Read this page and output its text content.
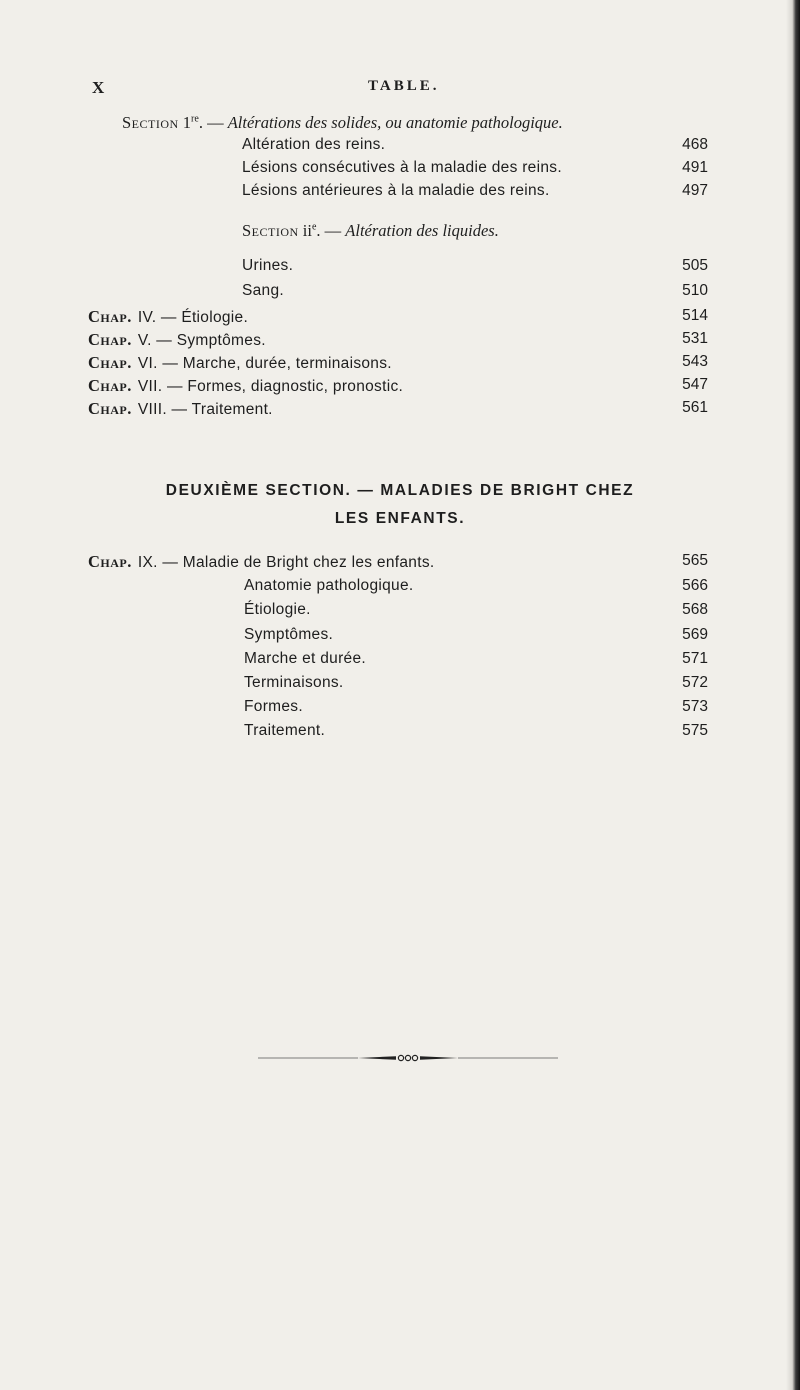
X	TABLE.
Section 1re. — Altérations des solides, ou anatomie pathologique.
Altération des reins.	468
Lésions consécutives à la maladie des reins.	491
Lésions antérieures à la maladie des reins.	497
Section $ii^e$. — Altération des liquides.
Urines.	505
Sang.	510
Chap. IV. — Étiologie.	514
Chap. V. — Symptômes.	531
Chap. VI. — Marche, durée, terminaisons.	543
Chap. VII. — Formes, diagnostic, pronostic.	547
Chap. VIII. — Traitement.	561
DEUXIÈME SECTION. — MALADIES DE BRIGHT CHEZ
LES ENFANTS.
Chap. IX. — Maladie de Bright chez les enfants.	565
Anatomie pathologique.	566
Étiologie.	568
Symptômes.	569
Marche et durée.	571
Terminaisons.	572
Formes.	573
Traitement.	575
